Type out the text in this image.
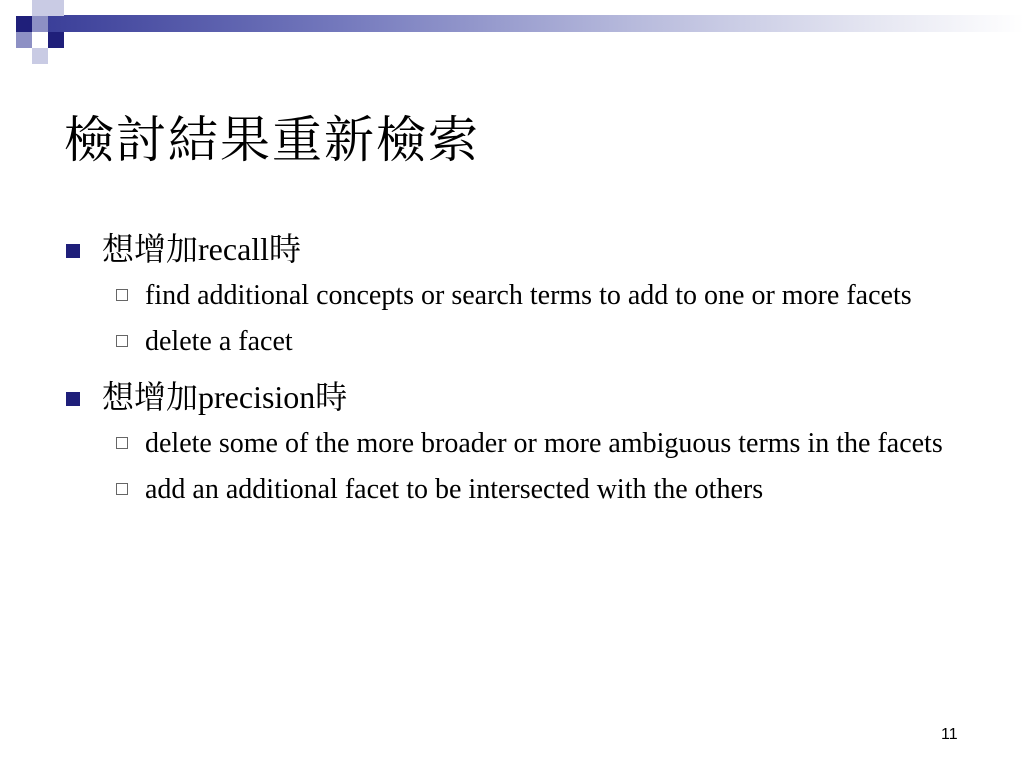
檢討結果重新檢索
想增加recall時
find additional concepts or search terms to add to one or more facets
delete a facet
想增加precision時
delete some of the more broader or more ambiguous terms in the facets
add an additional facet to be intersected with the others
11
